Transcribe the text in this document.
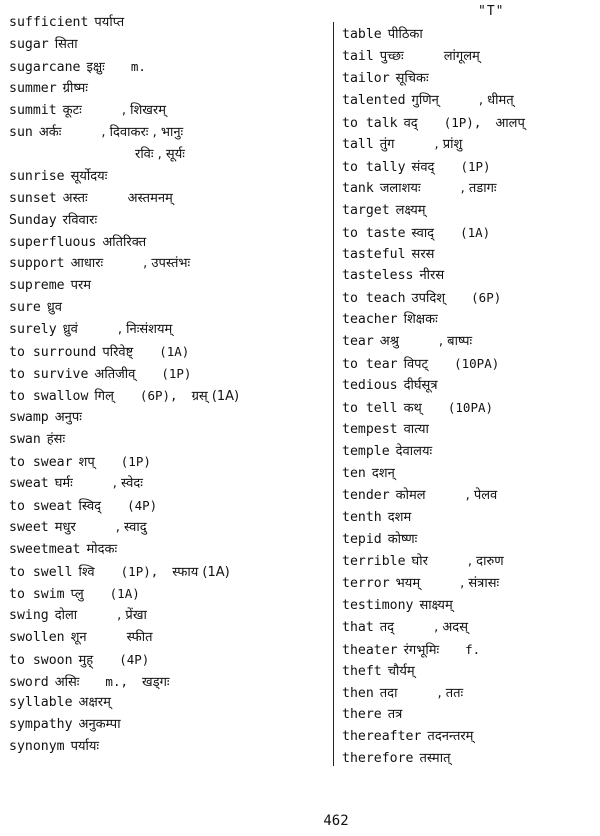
"T"
sufficient पर्याप्त
sugar सिता
sugarcane इक्षुः m.
summer ग्रीष्मः
summit कूटः	, शिखरम्
sun अर्कः	, दिवाकरः , भानुः
रविः , सूर्यः
sunrise सूर्योदयः
sunset अस्तः	अस्तमनम्
Sunday रविवारः
superfluous अतिरिक्त
support आधारः	, उपस्तंभः
supreme परम
sure ध्रुव
surely ध्रुवं	, निःसंशयम्
to surround परिवेष्ट् (1A)
to survive अतिजीव् (1P)
to swallow गिल् (6P), ग्रस् (1A)
swamp अनुपः
swan हंसः
to swear शप् (1P)
sweat घर्मः	, स्वेदः
to sweat स्विद् (4P)
sweet मधुर	, स्वादु
sweetmeat मोदकः
to swell श्वि (1P), स्फाय (1A)
to swim प्लु (1A)
swing दोला	, प्रेंखा
swollen शून	स्फीत
to swoon मुह् (4P)
sword असिः m., खड्गः
syllable अक्षरम्
sympathy अनुकम्पा
synonym पर्यायः
table पीठिका
tail पुच्छः	लांगूलम्
tailor सूचिकः
talented गुणिन्	, धीमत्
to talk वद् (1P), आलप्
tall तुंग	, प्रांशु
to tally संवद् (1P)
tank जलाशयः	, तडागः
target लक्ष्यम्
to taste स्वाद् (1A)
tasteful सरस
tasteless नीरस
to teach उपदिश् (6P)
teacher शिक्षकः
tear अश्रु	, बाष्पः
to tear विपट् (10PA)
tedious दीर्घसूत्र
to tell कथ् (10PA)
tempest वात्या
temple देवालयः
ten दशन्
tender कोमल	, पेलव
tenth दशम
tepid कोष्णः
terrible घोर	, दारुण
terror भयम्	, संत्रासः
testimony साक्ष्यम्
that तद्	, अदस्
theater रंगभूमिः f.
theft चौर्यम्
then तदा	, ततः
there तत्र
thereafter तदनन्तरम्
therefore तस्मात्
462
